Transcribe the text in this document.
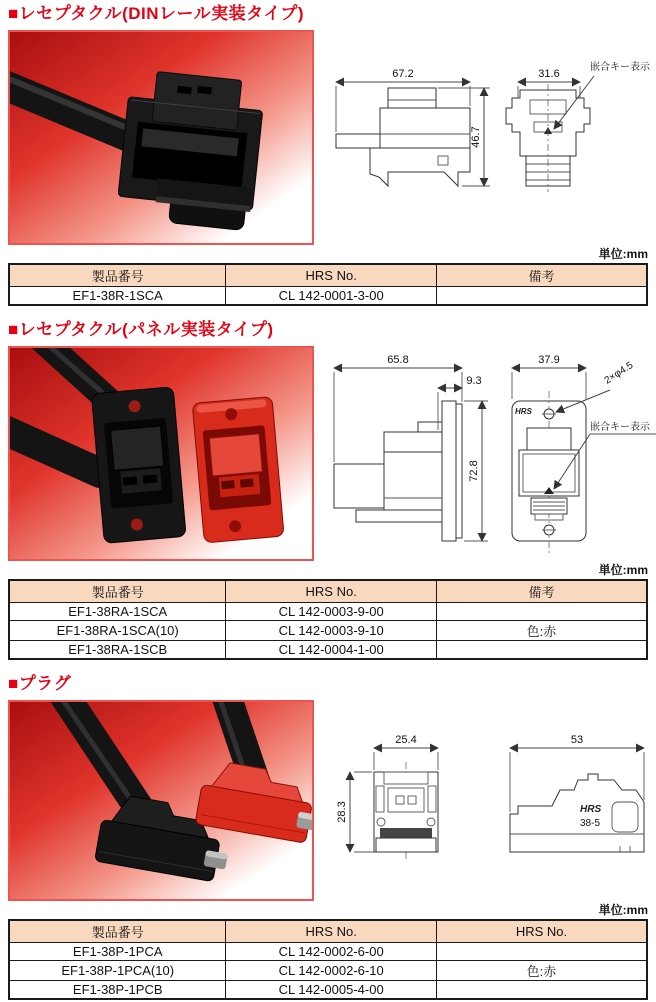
■レセプタクル(DINレール実装タイプ)
67.2
46.7
31.6
嵌合キー表示
単位:mm
製品番号	HRS No.	備考
EF1-38R-1SCA	CL 142-0001-3-00	
■レセプタクル(パネル実装タイプ)
65.8
9.3
72.8
HRS
37.9	2×φ4.5
嵌合キー表示
単位:mm
製品番号	HRS No.	備考
EF1-38RA-1SCA	CL 142-0003-9-00	
EF1-38RA-1SCA(10)	CL 142-0003-9-10	色:赤
EF1-38RA-1SCB	CL 142-0004-1-00	
■プラグ
25.4
28.3	HRS
38-5
53
単位:mm
製品番号	HRS No.	HRS No.
EF1-38P-1PCA	CL 142-0002-6-00	
EF1-38P-1PCA(10)	CL 142-0002-6-10	色:赤
EF1-38P-1PCB	CL 142-0005-4-00	
